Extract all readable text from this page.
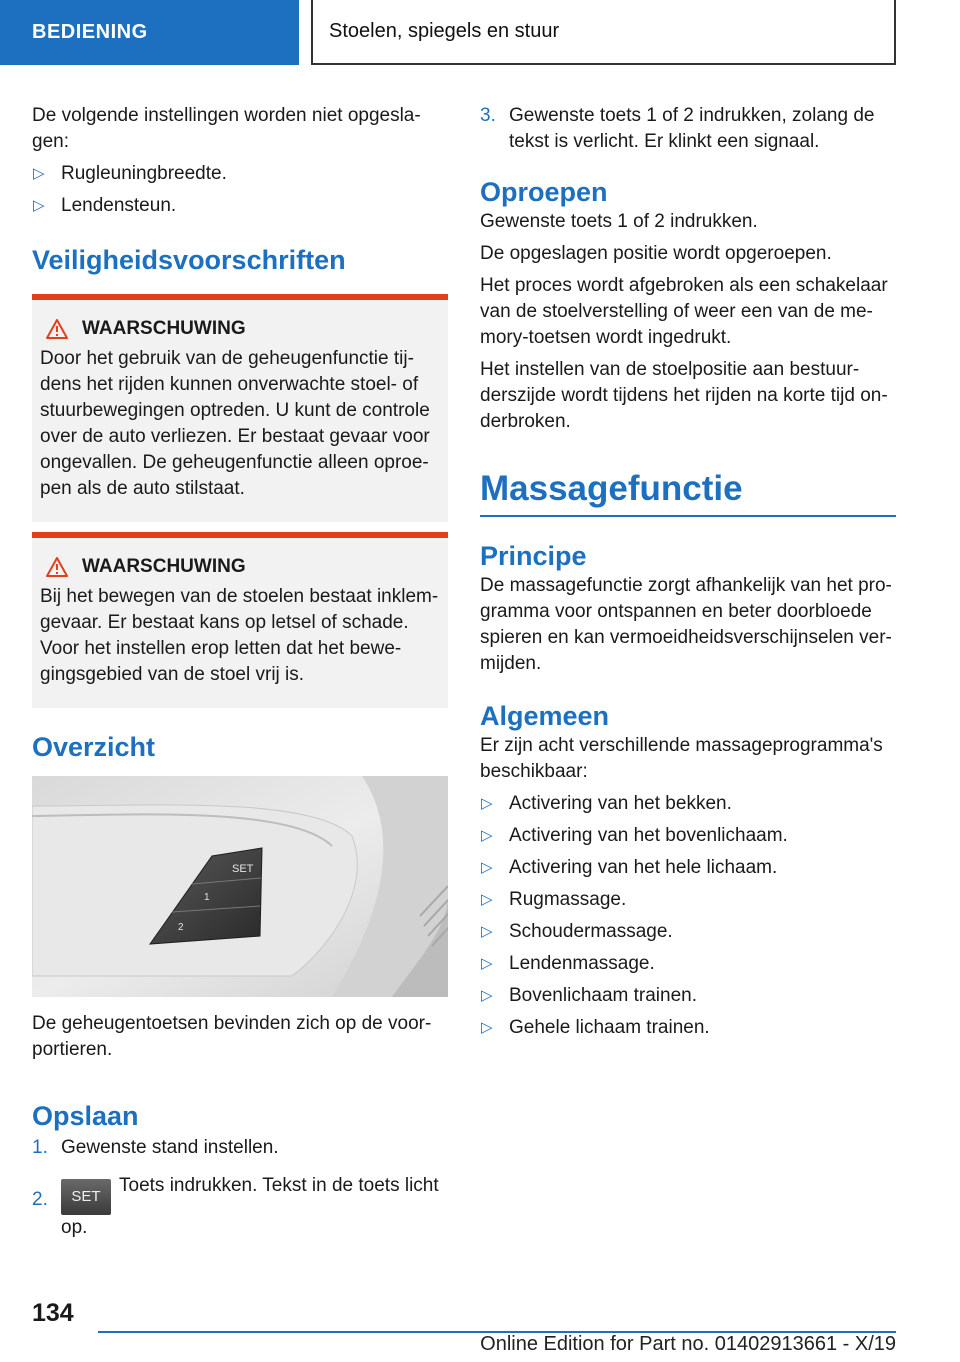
BEDIENING	Stoelen, spiegels en stuur

De volgende instellingen worden niet opgesla-gen:

▷ Rugleuningbreedte.
▷ Lendensteun.
Veiligheidsvoorschriften
WAARSCHUWING
Door het gebruik van de geheugenfunctie tij-dens het rijden kunnen onverwachte stoel- of stuurbewegingen optreden. U kunt de controle over de auto verliezen. Er bestaat gevaar voor ongevallen. De geheugenfunctie alleen oproe-pen als de auto stilstaat.
WAARSCHUWING
Bij het bewegen van de stoelen bestaat inklem-gevaar. Er bestaat kans op letsel of schade. Voor het instellen erop letten dat het bewe-gingsgebied van de stoel vrij is.
Overzicht
SET
1
2

De geheugentoetsen bevinden zich op de voor-portieren.

Opslaan
1. Gewenste stand instellen.
2. SETToets indrukken. Tekst in de toets licht op.
3. Gewenste toets 1 of 2 indrukken, zolang de tekst is verlicht. Er klinkt een signaal.
Oproepen

Gewenste toets 1 of 2 indrukken.

De opgeslagen positie wordt opgeroepen.

Het proces wordt afgebroken als een schakelaar van de stoelverstelling of weer een van de me-mory-toetsen wordt ingedrukt.

Het instellen van de stoelpositie aan bestuur-derszijde wordt tijdens het rijden na korte tijd on-derbroken.

Massagefunctie
Principe

De massagefunctie zorgt afhankelijk van het pro-gramma voor ontspannen en beter doorbloede spieren en kan vermoeidheidsverschijnselen ver-mijden.

Algemeen

Er zijn acht verschillende massageprogramma's beschikbaar:

▷ Activering van het bekken.
▷ Activering van het bovenlichaam.
▷ Activering van het hele lichaam.
▷ Rugmassage.
▷ Schoudermassage.
▷ Lendenmassage.
▷ Bovenlichaam trainen.
▷ Gehele lichaam trainen.
134
Online Edition for Part no. 01402913661 - X/19
